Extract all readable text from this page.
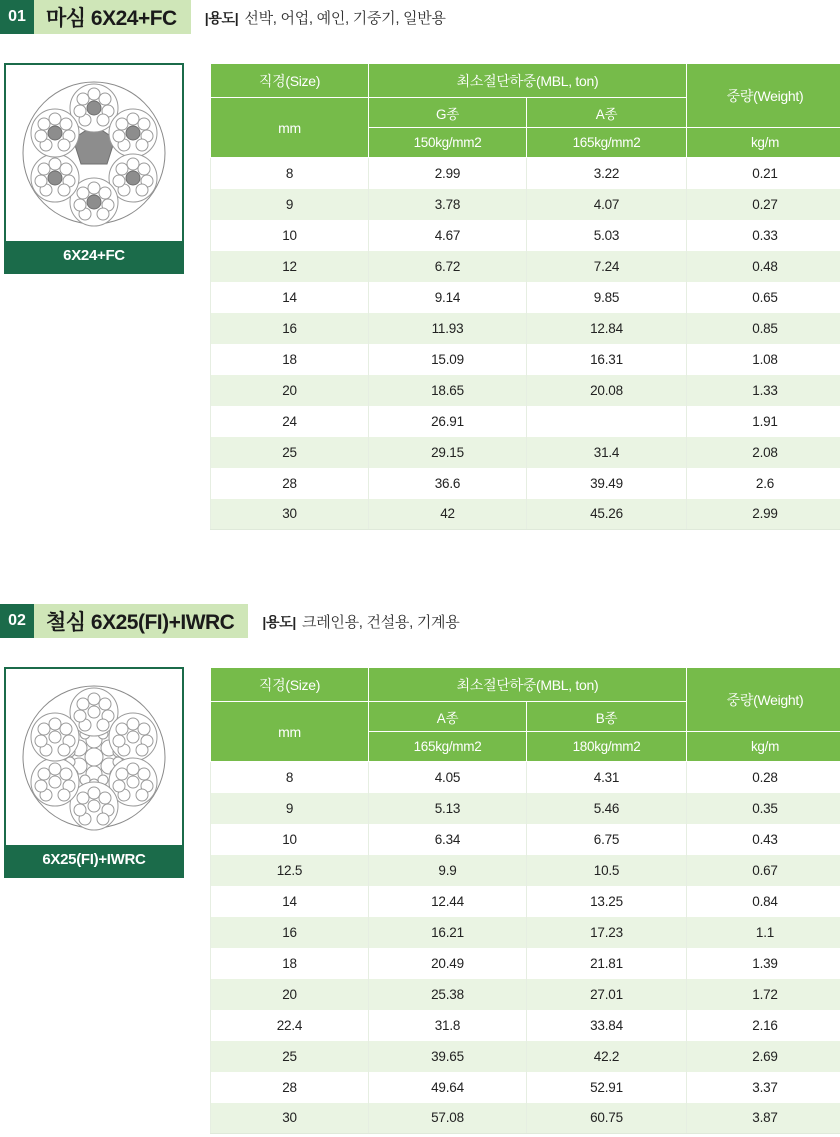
01 마심 6X24+FC	|용도| 선박, 어업, 예인, 기중기, 일반용
6X24+FC
직경(Size)	최소절단하중(MBL, ton)		중량(Weight)
mm	G종	A종	
	150kg/mm2	165kg/mm2	kg/m
8	2.99	3.22	0.21
9	3.78	4.07	0.27
10	4.67	5.03	0.33
12	6.72	7.24	0.48
14	9.14	9.85	0.65
16	11.93	12.84	0.85
18	15.09	16.31	1.08
20	18.65	20.08	1.33
24	26.91		1.91
25	29.15	31.4	2.08
28	36.6	39.49	2.6
30	42	45.26	2.99
02 철심 6X25(FI)+IWRC	|용도| 크레인용, 건설용, 기계용
6X25(FI)+IWRC
직경(Size)	최소절단하중(MBL, ton)		중량(Weight)
mm	A종	B종	
	165kg/mm2	180kg/mm2	kg/m
8	4.05	4.31	0.28
9	5.13	5.46	0.35
10	6.34	6.75	0.43
12.5	9.9	10.5	0.67
14	12.44	13.25	0.84
16	16.21	17.23	1.1
18	20.49	21.81	1.39
20	25.38	27.01	1.72
22.4	31.8	33.84	2.16
25	39.65	42.2	2.69
28	49.64	52.91	3.37
30	57.08	60.75	3.87
